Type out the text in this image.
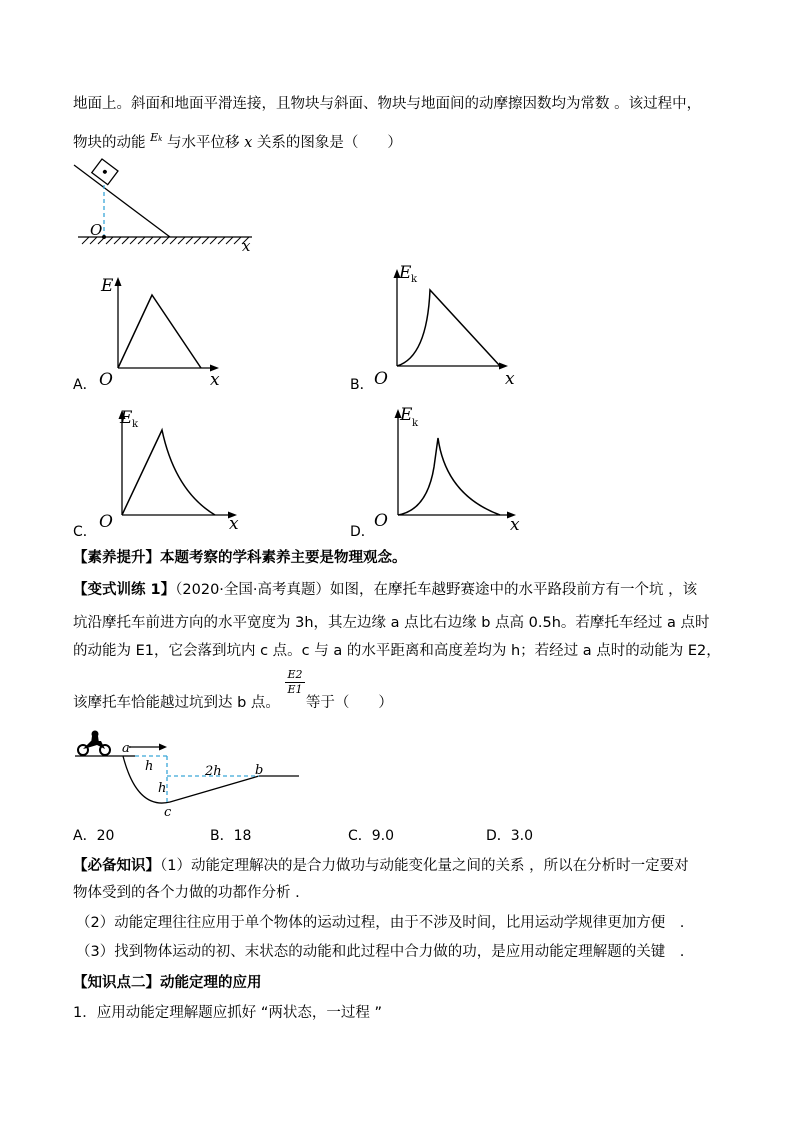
地面上。斜面和地面平滑连接，且物块与斜面、物块与地面间的动摩擦因数均为常数 。该过程中，
物块的动能 $^{Ek}$ 与水平位移 x 关系的图象是（　　）
O
x
A．
E
O	x	B．
E k
O	x
C．
E k
O	x	D．
E k
O	x
【素养提升】本题考察的学科素养主要是物理观念。
【变式训练 1】（2020·全国·高考真题）如图，在摩托车越野赛途中的水平路段前方有一个坑 ，该
坑沿摩托车前进方向的水平宽度为 3h，其左边缘 a 点比右边缘 b 点高 0.5h。若摩托车经过 a 点时
的动能为 E1，它会落到坑内 c 点。c 与 a 的水平距离和高度差均为 h；若经过 a 点时的动能为 E2，
该摩托车恰能越过坑到达 b 点。 等于（　　）
$\frac{E2}{E1}$
a
h
h
2h	b
c
A．20	B．18	C．9.0	D．3.0
【必备知识】（1）动能定理解决的是合力做功与动能变化量之间的关系 ，所以在分析时一定要对
物体受到的各个力做的功都作分析 .
（2）动能定理往往应用于单个物体的运动过程，由于不涉及时间，比用运动学规律更加方便　.
（3）找到物体运动的初、末状态的动能和此过程中合力做的功，是应用动能定理解题的关键　.
【知识点二】动能定理的应用
1．应用动能定理解题应抓好 “两状态，一过程 ”
